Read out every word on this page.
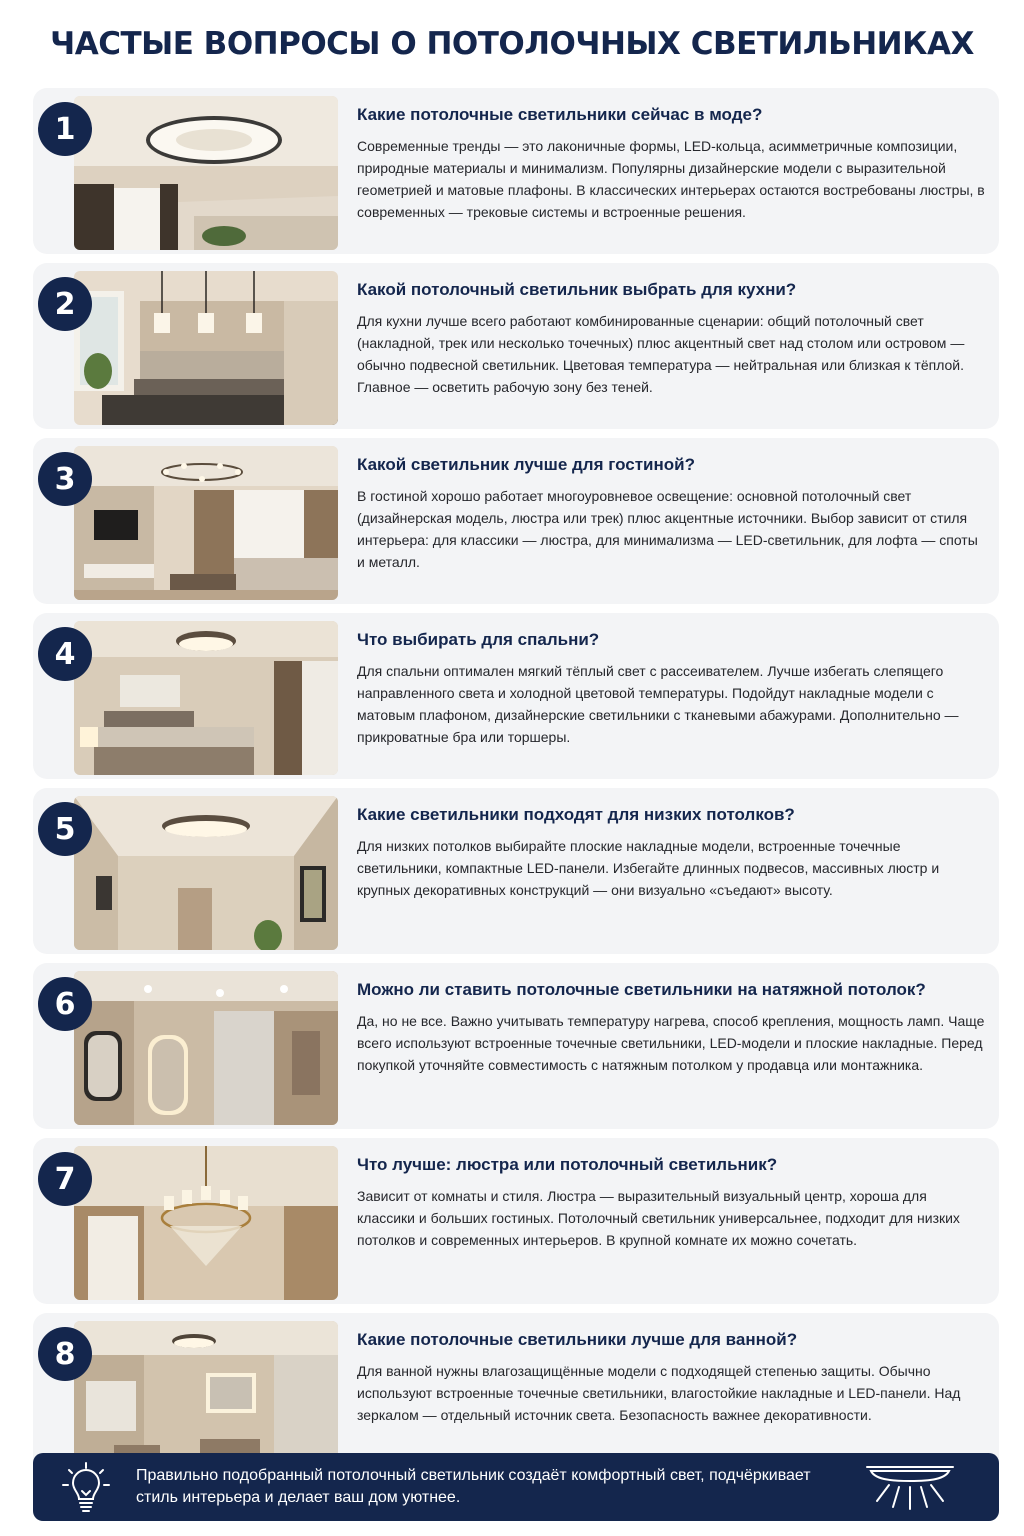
ЧАСТЫЕ ВОПРОСЫ О ПОТОЛОЧНЫХ СВЕТИЛЬНИКАХ
1	Какие потолочные светильники сейчас в моде?
Современные тренды — это лаконичные формы, LED-кольца, асимметричные композиции, природные материалы и минимализм. Популярны дизайнерские модели с выразительной геометрией и матовые плафоны. В классических интерьерах остаются востребованы люстры, в современных — трековые системы и встроенные решения.
2	Какой потолочный светильник выбрать для кухни?
Для кухни лучше всего работают комбинированные сценарии: общий потолочный свет (накладной, трек или несколько точечных) плюс акцентный свет над столом или островом — обычно подвесной светильник. Цветовая температура — нейтральная или близкая к тёплой. Главное — осветить рабочую зону без теней.
3	Какой светильник лучше для гостиной?
В гостиной хорошо работает многоуровневое освещение: основной потолочный свет (дизайнерская модель, люстра или трек) плюс акцентные источники. Выбор зависит от стиля интерьера: для классики — люстра, для минимализма — LED-светильник, для лофта — споты и металл.
4	Что выбирать для спальни?
Для спальни оптимален мягкий тёплый свет с рассеивателем. Лучше избегать слепящего направленного света и холодной цветовой температуры. Подойдут накладные модели с матовым плафоном, дизайнерские светильники с тканевыми абажурами. Дополнительно — прикроватные бра или торшеры.
5	Какие светильники подходят для низких потолков?
Для низких потолков выбирайте плоские накладные модели, встроенные точечные светильники, компактные LED-панели. Избегайте длинных подвесов, массивных люстр и крупных декоративных конструкций — они визуально «съедают» высоту.
6	Можно ли ставить потолочные светильники на натяжной потолок?
Да, но не все. Важно учитывать температуру нагрева, способ крепления, мощность ламп. Чаще всего используют встроенные точечные светильники, LED-модели и плоские накладные. Перед покупкой уточняйте совместимость с натяжным потолком у продавца или монтажника.
7	Что лучше: люстра или потолочный светильник?
Зависит от комнаты и стиля. Люстра — выразительный визуальный центр, хороша для классики и больших гостиных. Потолочный светильник универсальнее, подходит для низких потолков и современных интерьеров. В крупной комнате их можно сочетать.
8	Какие потолочные светильники лучше для ванной?
Для ванной нужны влагозащищённые модели с подходящей степенью защиты. Обычно используют встроенные точечные светильники, влагостойкие накладные и LED-панели. Над зеркалом — отдельный источник света. Безопасность важнее декоративности.
Правильно подобранный потолочный светильник создаёт комфортный свет, подчёркивает стиль интерьера и делает ваш дом уютнее.
